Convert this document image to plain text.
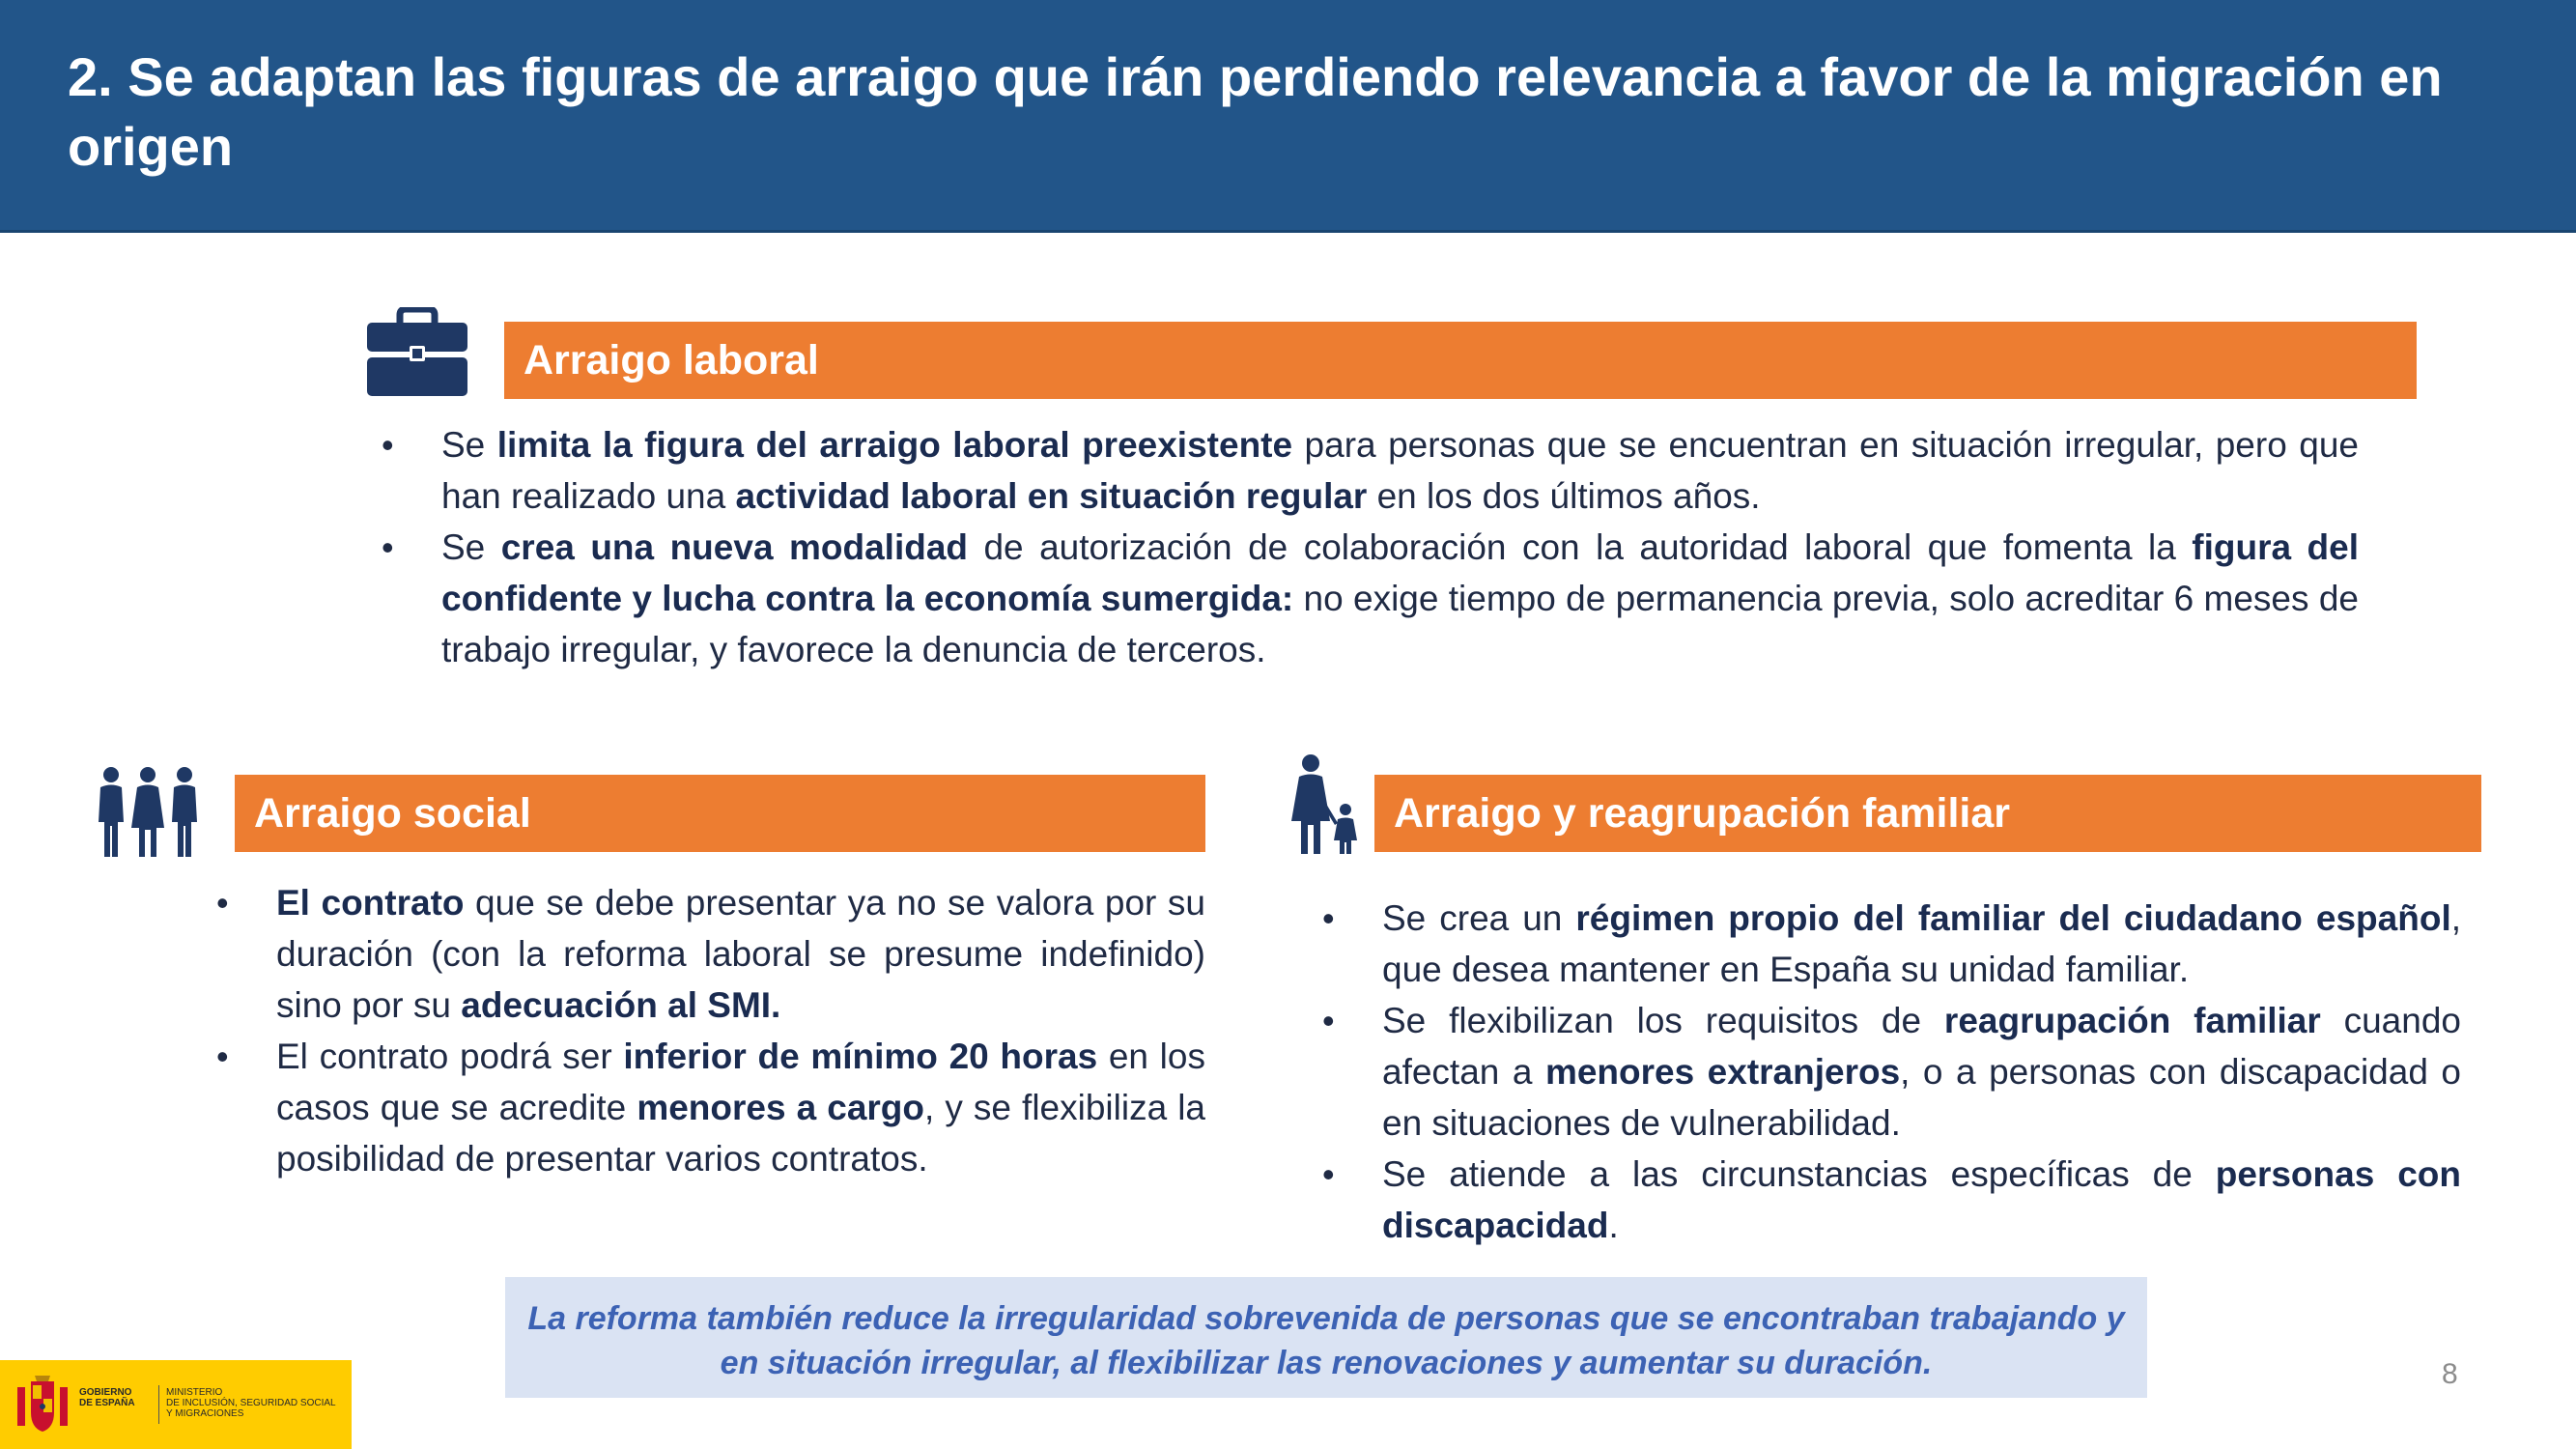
2. Se adaptan las figuras de arraigo que irán perdiendo relevancia a favor de la migración en origen
Arraigo laboral
• Se limita la figura del arraigo laboral preexistente para personas que se encuentran en situación irregular, pero que han realizado una actividad laboral en situación regular en los dos últimos años.
• Se crea una nueva modalidad de autorización de colaboración con la autoridad laboral que fomenta la figura del confidente y lucha contra la economía sumergida: no exige tiempo de permanencia previa, solo acreditar 6 meses de trabajo irregular, y favorece la denuncia de terceros.
Arraigo social
• El contrato que se debe presentar ya no se valora por su duración (con la reforma laboral se presume indefinido) sino por su adecuación al SMI.
• El contrato podrá ser inferior de mínimo 20 horas en los casos que se acredite menores a cargo, y se flexibiliza la posibilidad de presentar varios contratos.
Arraigo y reagrupación familiar
• Se crea un régimen propio del familiar del ciudadano español, que desea mantener en España su unidad familiar.
• Se flexibilizan los requisitos de reagrupación familiar cuando afectan a menores extranjeros, o a personas con discapacidad o en situaciones de vulnerabilidad.
• Se atiende a las circunstancias específicas de personas con discapacidad.
La reforma también reduce la irregularidad sobrevenida de personas que se encontraban trabajando y
en situación irregular, al flexibilizar las renovaciones y aumentar su duración.	8
GOBIERNO
DE ESPAÑA
MINISTERIO
DE INCLUSIÓN, SEGURIDAD SOCIAL
Y MIGRACIONES
